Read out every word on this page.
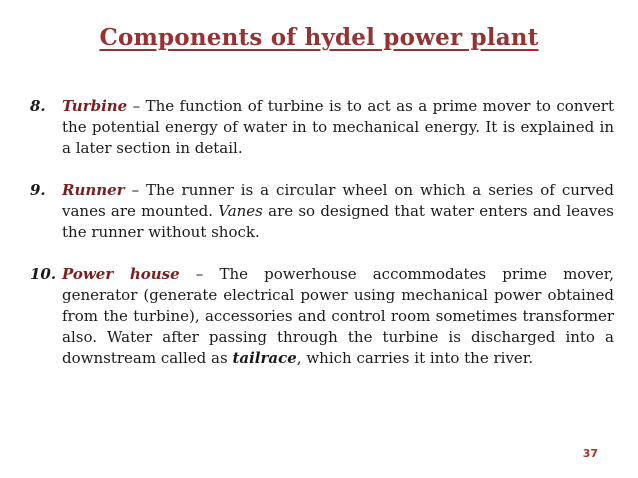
Components of hydel power plant
8. Turbine – The function of turbine is to act as a prime mover to convert the potential energy of water in to mechanical energy. It is explained in a later section in detail.
9. Runner – The runner is a circular wheel on which a series of curved vanes are mounted. Vanes are so designed that water enters and leaves the runner without shock.
10. Power house – The powerhouse accommodates prime mover, generator (generate electrical power using mechanical power obtained from the turbine), accessories and control room sometimes transformer also. Water after passing through the turbine is discharged into a downstream called as tailrace, which carries it into the river.
37
